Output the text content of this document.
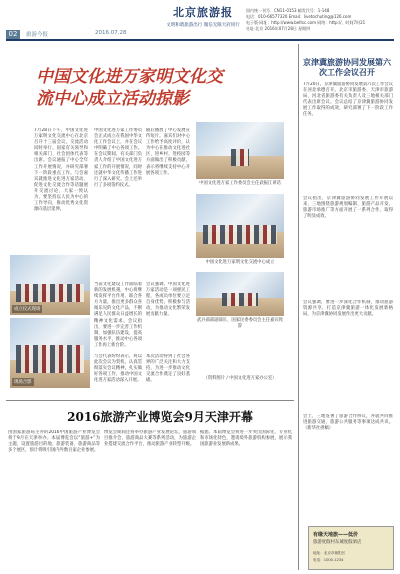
02	旅游今报	2016.07.28
北京旅游报
文明和谐旅游出行 微信无限天府同行
国内统一刊号：CN11-0153 邮发代号：1-148
电话：010-66577320 Email：livetochuting@126.com
电子版·网址：http://www.beltsc.com 网络：http://，时间7时21
社址·北京 2016年07月28日 星期四
中国文化进万家明文化交流中心成立活动掠影
7月28日下午，中国文化进万家明文化交流中心在北京召开十三届会议，交流活动同时举行。国家有关领导和相关部门、社会团体代表等出席。会议通报了中心全年工作开展情况，并研究部署下一阶段重点工作。与会嘉宾就推进文化进万家活动、促进文化交流合作等话题展开交流讨论，大家一致认为，要坚持以人民为中心的工作导向，推动优秀文化资源向基层延伸。
成立仪式现场
中国文化进万家工作委员会正式成立在我国中华文化工作会议上，并在会议中明确了中心各项工作。在会议期间，有关部门负责人介绍了中国文化进万家工作的开展情况，同时还就中华文化传播工作进行了深入研究。会上还举行了多项签约仪式。
随后播放了中心发展宣传短片。嘉宾们对中心工作给予高度评价，认为中心在推动文化进社区、进乡村、进校园等方面做出了积极贡献，表示将继续支持中心开展各项工作。
中国文化进万家工作委员会主任武振江讲话
中国文化进万家明文化交流中心成立
武兵部部副部长、国家民委委员会主任嘉宾致辞
当前文化建设工作面临着新的发展机遇，中心将继续发挥平台作用，联合各方力量，推出更多群众喜闻乐见的文化产品，不断满足人民群众日益增长的精神文化需求。会议指出，要进一步完善工作机制，加强队伍建设，提高服务水平，推动中心各项工作再上新台阶。
会议强调，中国文化进万家活动是一项惠民工程，各成员单位要立足自身优势，积极参与活动，为推动文化繁荣发展贡献力量。
现场合影
与会代表纷纷表示，将以此次会议为契机，认真贯彻落实会议精神，扎实做好各项工作，推动中国文化进万家活动深入开展。
本次活动得到了社会各界的广泛关注和大力支持，为进一步推动文化交流合作奠定了良好基础。	（资料图片 / 中国文化进万家办公室）
2016旅游产业博览会9月天津开幕
由国家旅游局主办的2016中国旅游产业博览会将于9月在天津举办。本届博览会以“旅游+”为主题，设置旅游目的地、旅游装备、旅游商品等多个展区，预计将吸引国内外数百家企业参展。
博览会期间还将举办旅游产业发展论坛、旅游项目推介会、旅游商品大赛等系列活动，为旅游企业搭建交流合作平台，推动旅游产业转型升级。
据悉，本届博览会将进一步突出国际化、专业化和市场化特色，邀请境外旅游机构参展，展示我国旅游业发展新成果。
京津冀旅游协同发展第六次工作会议召开
7月20日，京津冀旅游协同发展第六次工作会议在河北承德召开。北京市旅游委、天津市旅游局、河北省旅游委有关负责人及三地相关部门代表出席会议。会议总结了京津冀旅游协同发展工作取得的成效，研究部署了下一阶段工作任务。
会议指出，京津冀旅游协同发展工作开展以来，三地围绕旅游规划编制、旅游产品开发、旅游市场推广等方面开展了一系列合作，取得了明显成效。
会议强调，要进一步深化合作机制，推动旅游资源共享，打造京津冀旅游一体化发展新格局，为京津冀协同发展作出更大贡献。
会上，三地签署了旅游合作协议，并就共同推进旅游交通、旅游公共服务等事项达成共识。（新华社供稿）
有缘天地旅——低价
旅游度假村东城度假酒店
地址：北京市朝阳区
电话：1000-1234
